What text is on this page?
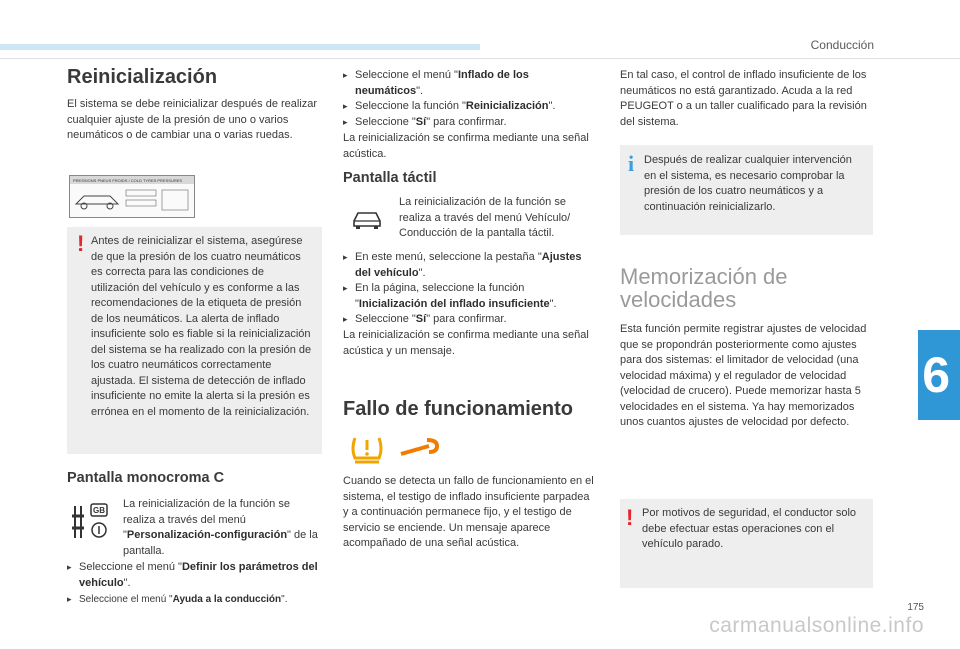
Conducción
6
Reinicialización

El sistema se debe reinicializar después de realizar cualquier ajuste de la presión de uno o varios neumáticos o de cambiar una o varias ruedas.

PRESSIONS PNEUS FROIDS / COLD TYRES PRESSURES
! Antes de reinicializar el sistema, asegúrese de que la presión de los cuatro neumáticos es correcta para las condiciones de utilización del vehículo y es conforme a las recomendaciones de la etiqueta de presión de los neumáticos. La alerta de inflado insuficiente solo es fiable si la reinicialización del sistema se ha realizado con la presión de los cuatro neumáticos correctamente ajustada. El sistema de detección de inflado insuficiente no emite la alerta si la presión es errónea en el momento de la reinicialización.

Pantalla monocroma C
GB

La reinicialización de la función se realiza a través del menú "Personalización-configuración" de la pantalla.

▸ Seleccione el menú "Definir los parámetros del vehículo".
▸ Seleccione el menú "Ayuda a la conducción".
▸ Seleccione el menú "Inflado de los neumáticos".
▸ Seleccione la función "Reinicialización".
▸ Seleccione "Sí" para confirmar.

La reinicialización se confirma mediante una señal acústica.

Pantalla táctil

La reinicialización de la función se realiza a través del menú Vehículo/ Conducción de la pantalla táctil.

▸ En este menú, seleccione la pestaña "Ajustes del vehículo".
▸ En la página, seleccione la función "Inicialización del inflado insuficiente".
▸ Seleccione "Sí" para confirmar.

La reinicialización se confirma mediante una señal acústica y un mensaje.

Fallo de funcionamiento

Cuando se detecta un fallo de funcionamiento en el sistema, el testigo de inflado insuficiente parpadea y a continuación permanece fijo, y el testigo de servicio se enciende. Un mensaje aparece acompañado de una señal acústica.

En tal caso, el control de inflado insuficiente de los neumáticos no está garantizado. Acuda a la red PEUGEOT o a un taller cualificado para la revisión del sistema.

i Después de realizar cualquier intervención en el sistema, es necesario comprobar la presión de los cuatro neumáticos y a continuación reinicializarlo.

Memorización de velocidades

Esta función permite registrar ajustes de velocidad que se propondrán posteriormente como ajustes para dos sistemas: el limitador de velocidad (una velocidad máxima) y el regulador de velocidad (velocidad de crucero). Puede memorizar hasta 5 velocidades en el sistema. Ya hay memorizados unos cuantos ajustes de velocidad por defecto.

! Por motivos de seguridad, el conductor solo debe efectuar estas operaciones con el vehículo parado.

175
carmanualsonline.info
